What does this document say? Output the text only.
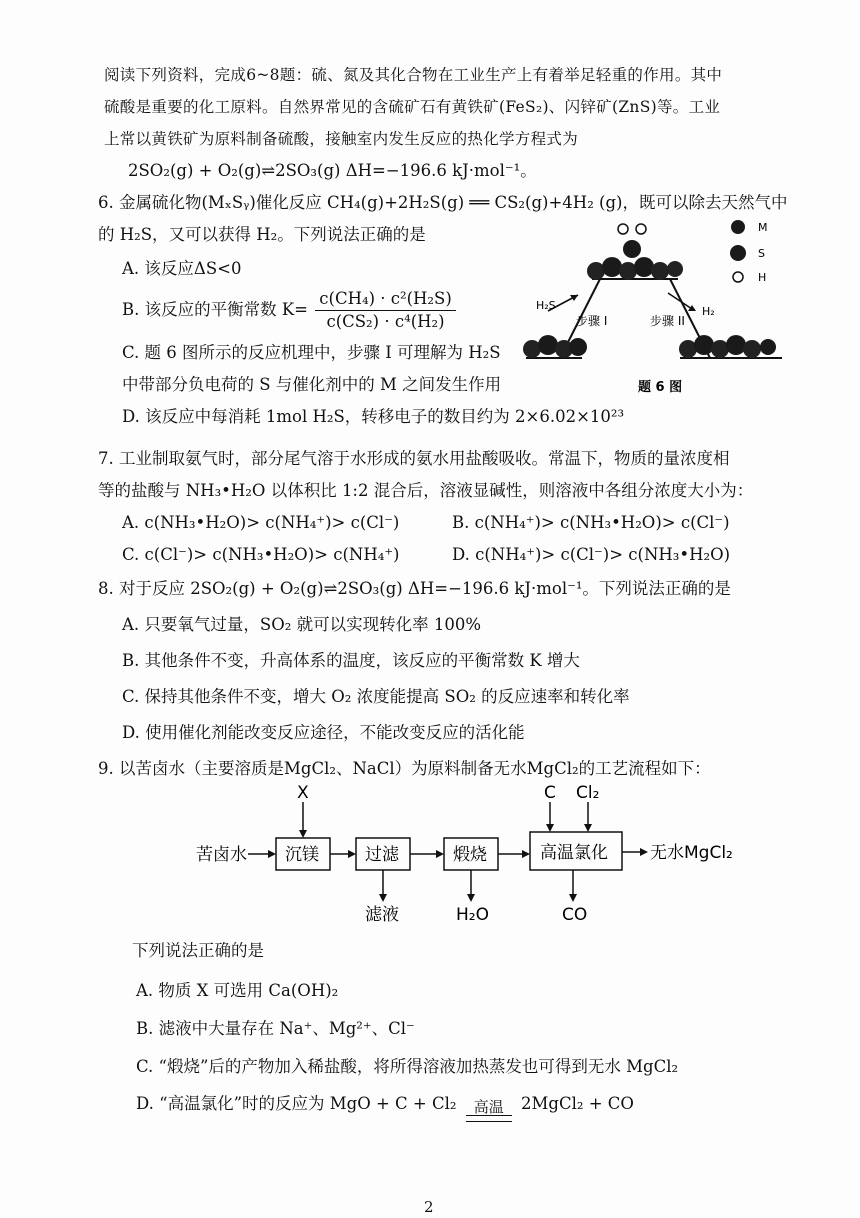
阅读下列资料，完成6~8题：硫、氮及其化合物在工业生产上有着举足轻重的作用。其中
硫酸是重要的化工原料。自然界常见的含硫矿石有黄铁矿(FeS₂)、闪锌矿(ZnS)等。工业
上常以黄铁矿为原料制备硫酸，接触室内发生反应的热化学方程式为
2SO₂(g) + O₂(g)⇌2SO₃(g) ΔH=−196.6 kJ·mol⁻¹。
6. 金属硫化物(MₓSᵧ)催化反应 CH₄(g)+2H₂S(g) ══ CS₂(g)+4H₂ (g)，既可以除去天然气中
的 H₂S，又可以获得 H₂。下列说法正确的是
A. 该反应ΔS<0
B. 该反应的平衡常数 $K= \frac{\text{c(CH₄) · c²(H₂S)}}{\text{c(CS₂) · c⁴(H₂)}}$
C. 题 6 图所示的反应机理中，步骤 I 可理解为 H₂S
中带部分负电荷的 S 与催化剂中的 M 之间发生作用
D. 该反应中每消耗 1mol H₂S，转移电子的数目约为 2×6.02×10²³
H₂S	H₂
步骤 I	步骤 II
M
S
H
题 6 图
7. 工业制取氨气时，部分尾气溶于水形成的氨水用盐酸吸收。常温下，物质的量浓度相
等的盐酸与 NH₃•H₂O 以体积比 1:2 混合后，溶液显碱性，则溶液中各组分浓度大小为：
A. c(NH₃•H₂O)> c(NH₄⁺)> c(Cl⁻)	B. c(NH₄⁺)> c(NH₃•H₂O)> c(Cl⁻)
C. c(Cl⁻)> c(NH₃•H₂O)> c(NH₄⁺)	D. c(NH₄⁺)> c(Cl⁻)> c(NH₃•H₂O)
8. 对于反应 2SO₂(g) + O₂(g)⇌2SO₃(g) ΔH=−196.6 kJ·mol⁻¹。下列说法正确的是
A. 只要氧气过量，SO₂ 就可以实现转化率 100%
B. 其他条件不变，升高体系的温度，该反应的平衡常数 K 增大
C. 保持其他条件不变，增大 O₂ 浓度能提高 SO₂ 的反应速率和转化率
D. 使用催化剂能改变反应途径，不能改变反应的活化能
9. 以苦卤水（主要溶质是MgCl₂、NaCl）为原料制备无水MgCl₂的工艺流程如下：
苦卤水 沉镁
X
过滤
滤液
煅烧
H₂O
高温氯化
C Cl₂
CO
无水MgCl₂
下列说法正确的是
A. 物质 X 可选用 Ca(OH)₂
B. 滤液中大量存在 Na⁺、Mg²⁺、Cl⁻
C. “煅烧”后的产物加入稀盐酸，将所得溶液加热蒸发也可得到无水 MgCl₂
D. “高温氯化”时的反应为 MgO + C + Cl₂	高温	2MgCl₂ + CO
2
